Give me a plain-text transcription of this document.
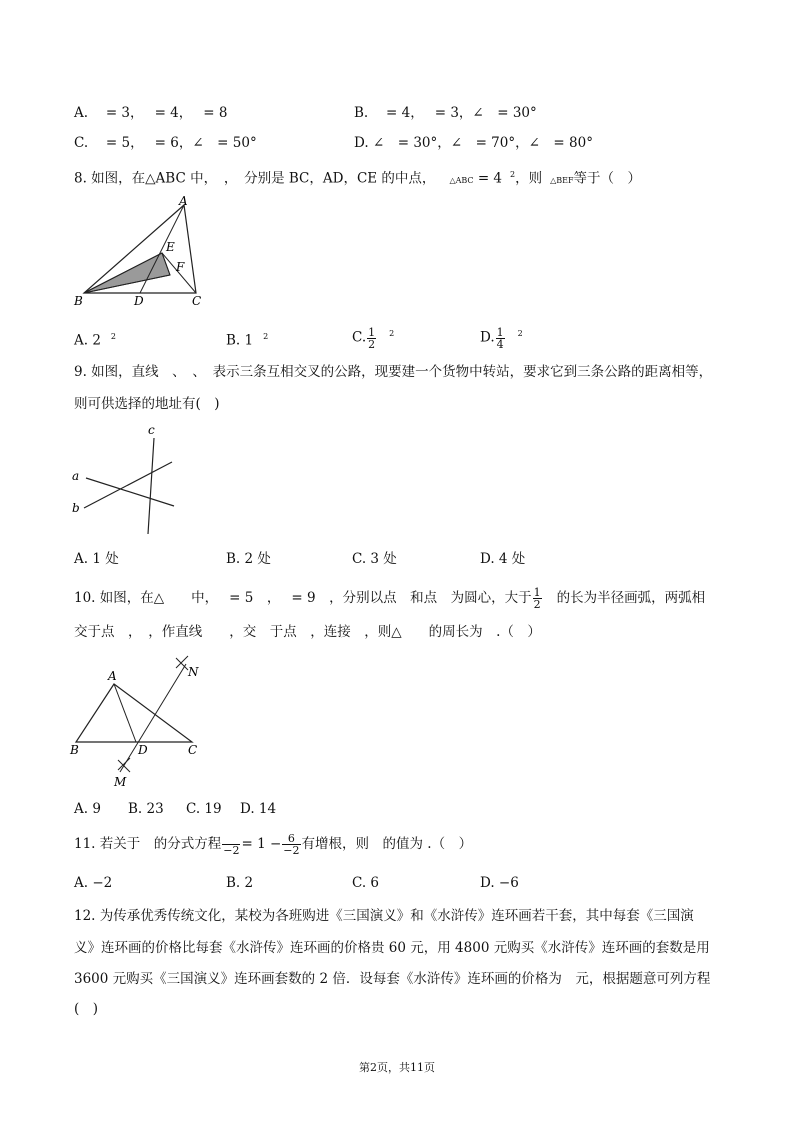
A.　 = 3，　 = 4，　 = 8	B.　 = 4，　 = 3，∠　= 30°
C.　 = 5，　 = 6，∠　= 50°	D. ∠　= 30°，∠　= 70°，∠　= 80°
8. 如图，在△ABC 中，　，　分别是 BC，AD，CE 的中点， △ABC = 4 $^2$，则 △BEF等于（　）
A
B	C
D
E
F
A. 2 $^2$	B. 1 $^2$	C. $\frac{1}{2} ^2$	D. $\frac{1}{4} ^2$
9. 如图，直线　、　、　表示三条互相交叉的公路，现要建一个货物中转站，要求它到三条公路的距离相等，
则可供选择的地址有(　)
a
b
c
A. 1 处	B. 2 处	C. 3 处	D. 4 处
10. 如图，在△　　中，　 = 5　，　 = 9　，分别以点　和点　为圆心，大于 $\frac{1}{2}$ 的长为半径画弧，两弧相
交于点　，　，作直线　　，交　于点　，连接　，则△　　的周长为　.（　）
A
B	C
D
M
N
A. 9 B. 23 C. 19 D. 14
11. 若关于　的分式方程
$-2 = 1 - \frac{6}{-2}$ 有增根，则　的值为 .（　）
A. −2	B. 2	C. 6	D. −6
12. 为传承优秀传统文化，某校为各班购进《三国演义》和《水浒传》连环画若干套，其中每套《三国演
义》连环画的价格比每套《水浒传》连环画的价格贵 60 元，用 4800 元购买《水浒传》连环画的套数是用
3600 元购买《三国演义》连环画套数的 2 倍．设每套《水浒传》连环画的价格为　元，根据题意可列方程
(　)
第2页，共11页
